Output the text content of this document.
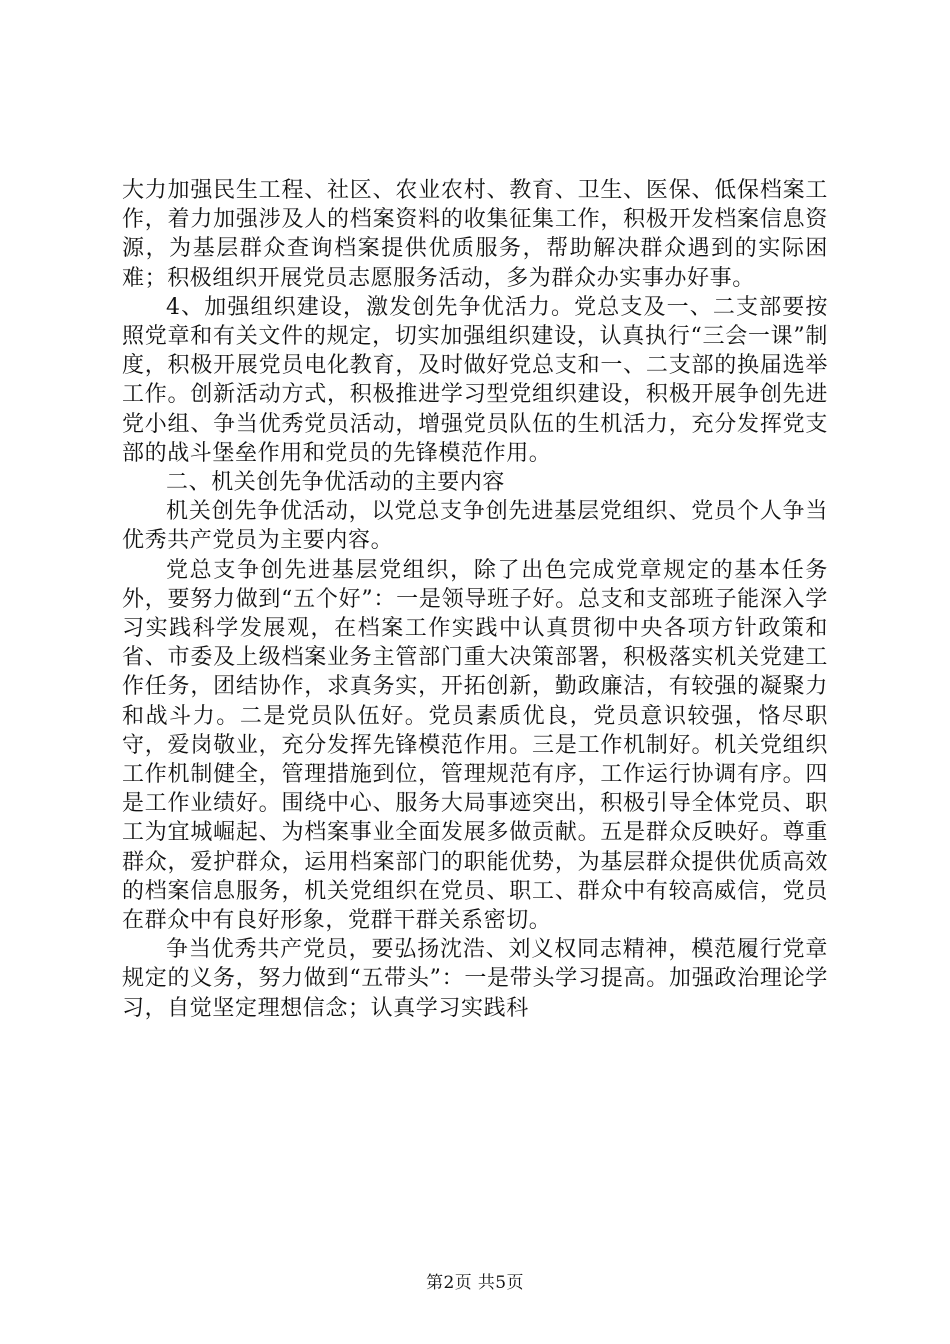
大力加强民生工程、社区、农业农村、教育、卫生、医保、低保档案工作，着力加强涉及人的档案资料的收集征集工作，积极开发档案信息资源，为基层群众查询档案提供优质服务，帮助解决群众遇到的实际困难；积极组织开展党员志愿服务活动，多为群众办实事办好事。

4、加强组织建设，激发创先争优活力。党总支及一、二支部要按照党章和有关文件的规定，切实加强组织建设，认真执行“三会一课”制度，积极开展党员电化教育，及时做好党总支和一、二支部的换届选举工作。创新活动方式，积极推进学习型党组织建设，积极开展争创先进党小组、争当优秀党员活动，增强党员队伍的生机活力，充分发挥党支部的战斗堡垒作用和党员的先锋模范作用。

二、机关创先争优活动的主要内容

机关创先争优活动，以党总支争创先进基层党组织、党员个人争当优秀共产党员为主要内容。

党总支争创先进基层党组织，除了出色完成党章规定的基本任务外，要努力做到“五个好”：一是领导班子好。总支和支部班子能深入学习实践科学发展观，在档案工作实践中认真贯彻中央各项方针政策和省、市委及上级档案业务主管部门重大决策部署，积极落实机关党建工作任务，团结协作，求真务实，开拓创新，勤政廉洁，有较强的凝聚力和战斗力。二是党员队伍好。党员素质优良，党员意识较强，恪尽职守，爱岗敬业，充分发挥先锋模范作用。三是工作机制好。机关党组织工作机制健全，管理措施到位，管理规范有序，工作运行协调有序。四是工作业绩好。围绕中心、服务大局事迹突出，积极引导全体党员、职工为宜城崛起、为档案事业全面发展多做贡献。五是群众反映好。尊重群众，爱护群众，运用档案部门的职能优势，为基层群众提供优质高效的档案信息服务，机关党组织在党员、职工、群众中有较高威信，党员在群众中有良好形象，党群干群关系密切。

争当优秀共产党员，要弘扬沈浩、刘义权同志精神，模范履行党章规定的义务，努力做到“五带头”：一是带头学习提高。加强政治理论学习，自觉坚定理想信念；认真学习实践科

第2页 共5页
